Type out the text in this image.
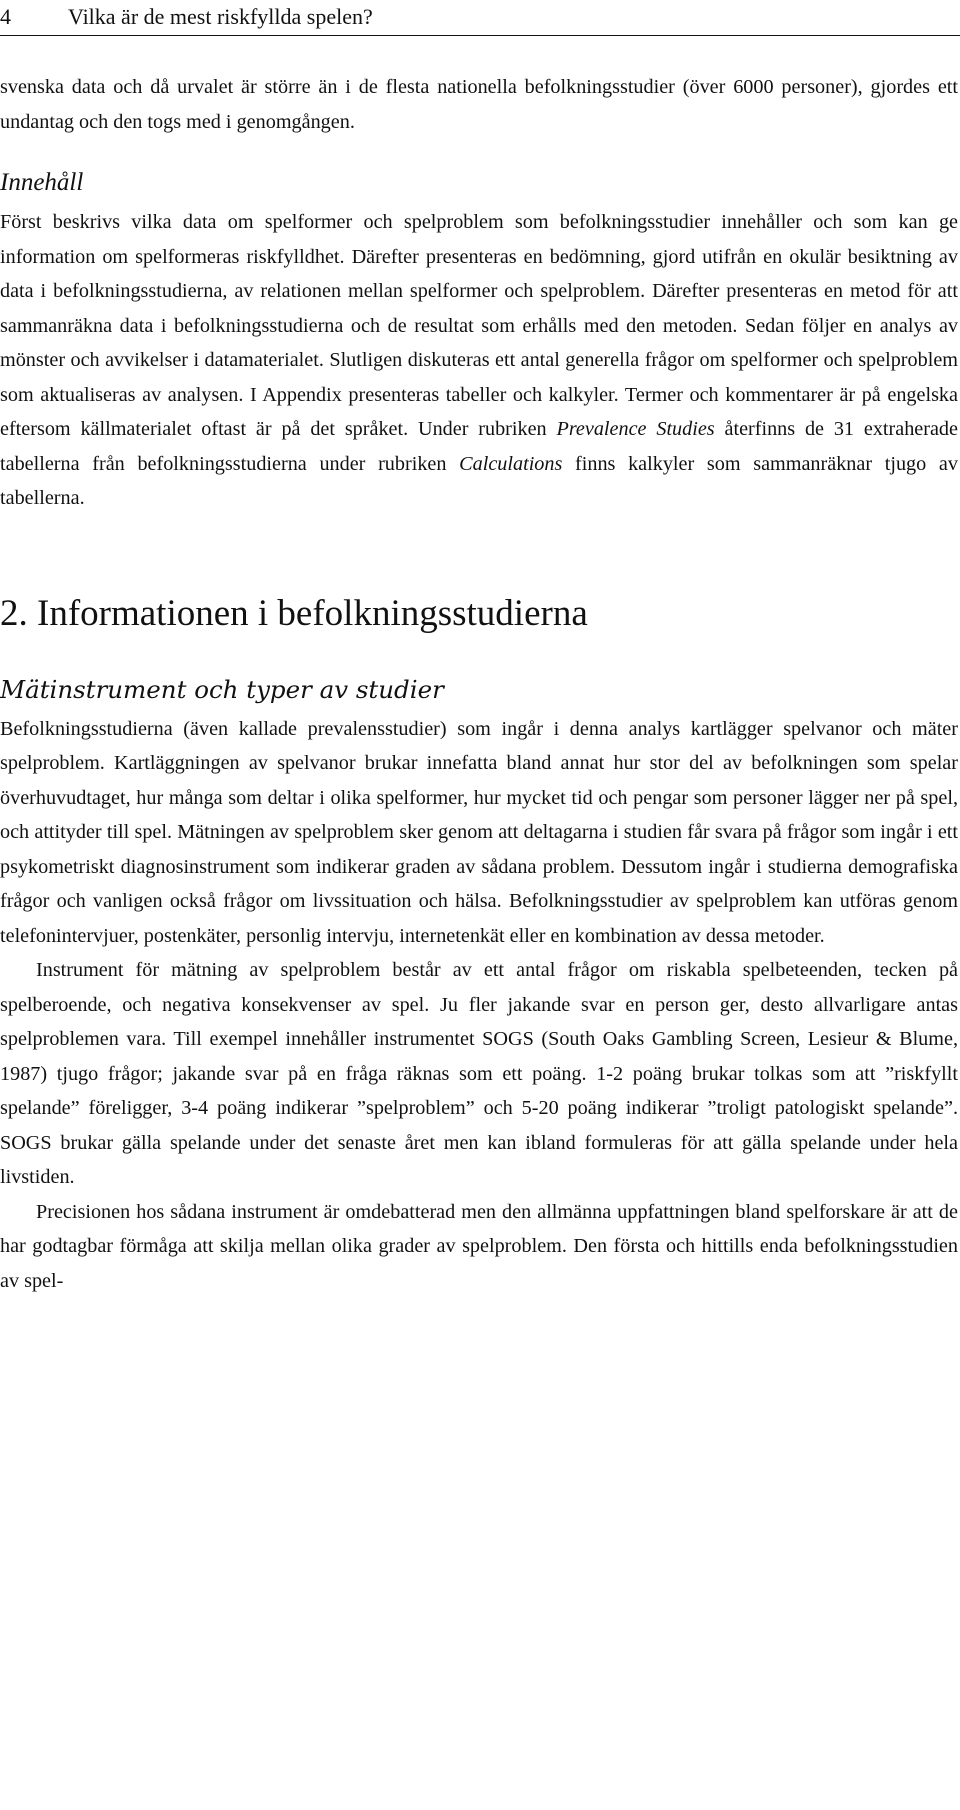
4	Vilka är de mest riskfyllda spelen?

svenska data och då urvalet är större än i de flesta nationella befolkningsstudier (över 6000 personer), gjordes ett undantag och den togs med i genomgången.

Innehåll

Först beskrivs vilka data om spelformer och spelproblem som befolkningsstudier innehåller och som kan ge information om spelformeras riskfylldhet. Därefter presenteras en bedömning, gjord utifrån en okulär besiktning av data i befolkningsstudierna, av relationen mellan spelformer och spelproblem. Därefter presenteras en metod för att sammanräkna data i befolkningsstudierna och de resultat som erhålls med den metoden. Sedan följer en analys av mönster och avvikelser i datamaterialet. Slutligen diskuteras ett antal generella frågor om spelformer och spelproblem som aktualiseras av analysen. I Appendix presenteras tabeller och kalkyler. Termer och kommentarer är på engelska eftersom källmaterialet oftast är på det språket. Under rubriken Prevalence Studies återfinns de 31 extraherade tabellerna från befolkningsstudierna under rubriken Calculations finns kalkyler som sammanräknar tjugo av tabellerna.

2. Informationen i befolkningsstudierna
Mätinstrument och typer av studier

Befolkningsstudierna (även kallade prevalensstudier) som ingår i denna analys kartlägger spelvanor och mäter spelproblem. Kartläggningen av spelvanor brukar innefatta bland annat hur stor del av befolkningen som spelar överhuvudtaget, hur många som deltar i olika spelformer, hur mycket tid och pengar som personer lägger ner på spel, och attityder till spel. Mätningen av spelproblem sker genom att deltagarna i studien får svara på frågor som ingår i ett psykometriskt diagnosinstrument som indikerar graden av sådana problem. Dessutom ingår i studierna demografiska frågor och vanligen också frågor om livssituation och hälsa. Befolkningsstudier av spelproblem kan utföras genom telefonintervjuer, postenkäter, personlig intervju, internetenkät eller en kombination av dessa metoder.

Instrument för mätning av spelproblem består av ett antal frågor om riskabla spelbeteenden, tecken på spelberoende, och negativa konsekvenser av spel. Ju fler jakande svar en person ger, desto allvarligare antas spelproblemen vara. Till exempel innehåller instrumentet SOGS (South Oaks Gambling Screen, Lesieur & Blume, 1987) tjugo frågor; jakande svar på en fråga räknas som ett poäng. 1-2 poäng brukar tolkas som att ”riskfyllt spelande” föreligger, 3-4 poäng indikerar ”spelproblem” och 5-20 poäng indikerar ”troligt patologiskt spelande”. SOGS brukar gälla spelande under det senaste året men kan ibland formuleras för att gälla spelande under hela livstiden.

Precisionen hos sådana instrument är omdebatterad men den allmänna uppfattningen bland spelforskare är att de har godtagbar förmåga att skilja mellan olika grader av spelproblem. Den första och hittills enda befolkningsstudien av spel-
